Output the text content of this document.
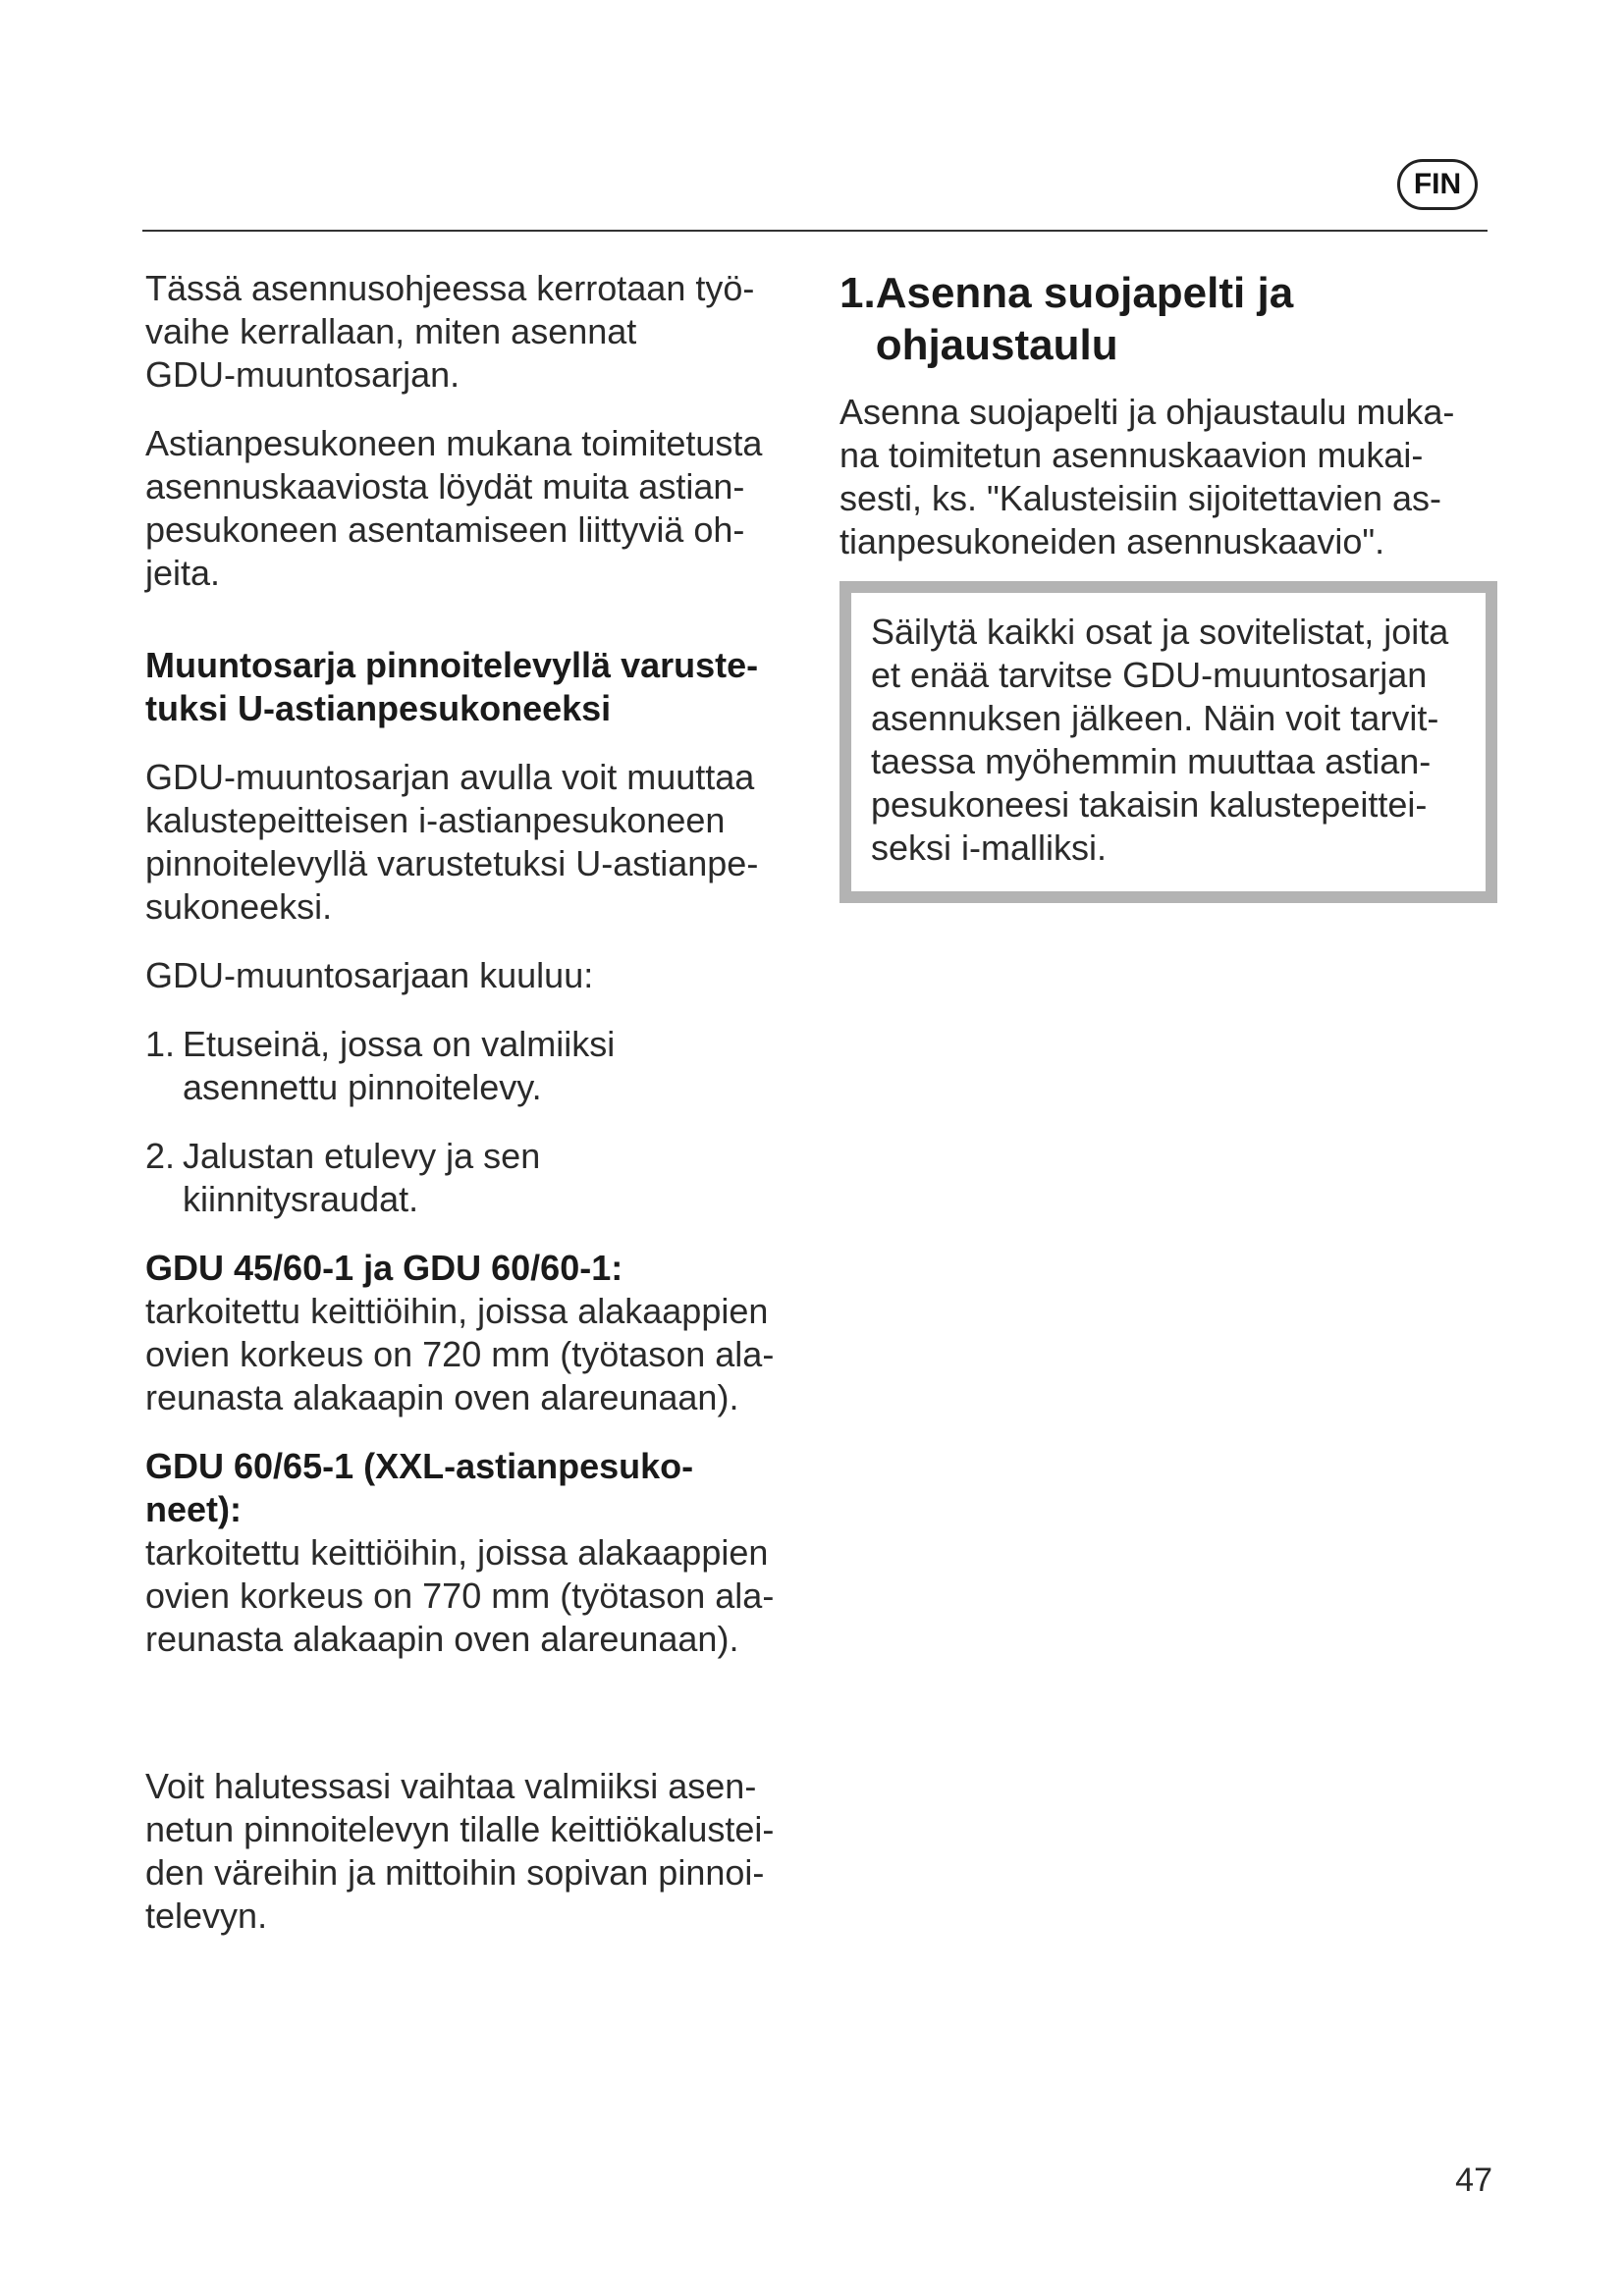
FIN

Tässä asennusohjeessa kerrotaan työ-
vaihe kerrallaan, miten asennat
GDU-muuntosarjan.

Astianpesukoneen mukana toimitetusta
asennuskaaviosta löydät muita astian-
pesukoneen asentamiseen liittyviä oh-
jeita.

Muuntosarja pinnoitelevyllä varuste-
tuksi U-astianpesukoneeksi

GDU-muuntosarjan avulla voit muuttaa
kalustepeitteisen i-astianpesukoneen
pinnoitelevyllä varustetuksi U-astianpe-
sukoneeksi.

GDU-muuntosarjaan kuuluu:

1. Etuseinä, jossa on valmiiksi
asennettu pinnoitelevy.
2. Jalustan etulevy ja sen
kiinnitysraudat.

GDU 45/60-1 ja GDU 60/60-1:

tarkoitettu keittiöihin, joissa alakaappien
ovien korkeus on 720 mm (työtason ala-
reunasta alakaapin oven alareunaan).

GDU 60/65-1 (XXL-astianpesuko-
neet):

tarkoitettu keittiöihin, joissa alakaappien
ovien korkeus on 770 mm (työtason ala-
reunasta alakaapin oven alareunaan).

Voit halutessasi vaihtaa valmiiksi asen-
netun pinnoitelevyn tilalle keittiökalustei-
den väreihin ja mittoihin sopivan pinnoi-
televyn.

1. Asenna suojapelti ja
ohjaustaulu

Asenna suojapelti ja ohjaustaulu muka-
na toimitetun asennuskaavion mukai-
sesti, ks. "Kalusteisiin sijoitettavien as-
tianpesukoneiden asennuskaavio".

Säilytä kaikki osat ja sovitelistat, joita
et enää tarvitse GDU-muuntosarjan
asennuksen jälkeen. Näin voit tarvit-
taessa myöhemmin muuttaa astian-
pesukoneesi takaisin kalustepeittei-
seksi i-malliksi.

47
